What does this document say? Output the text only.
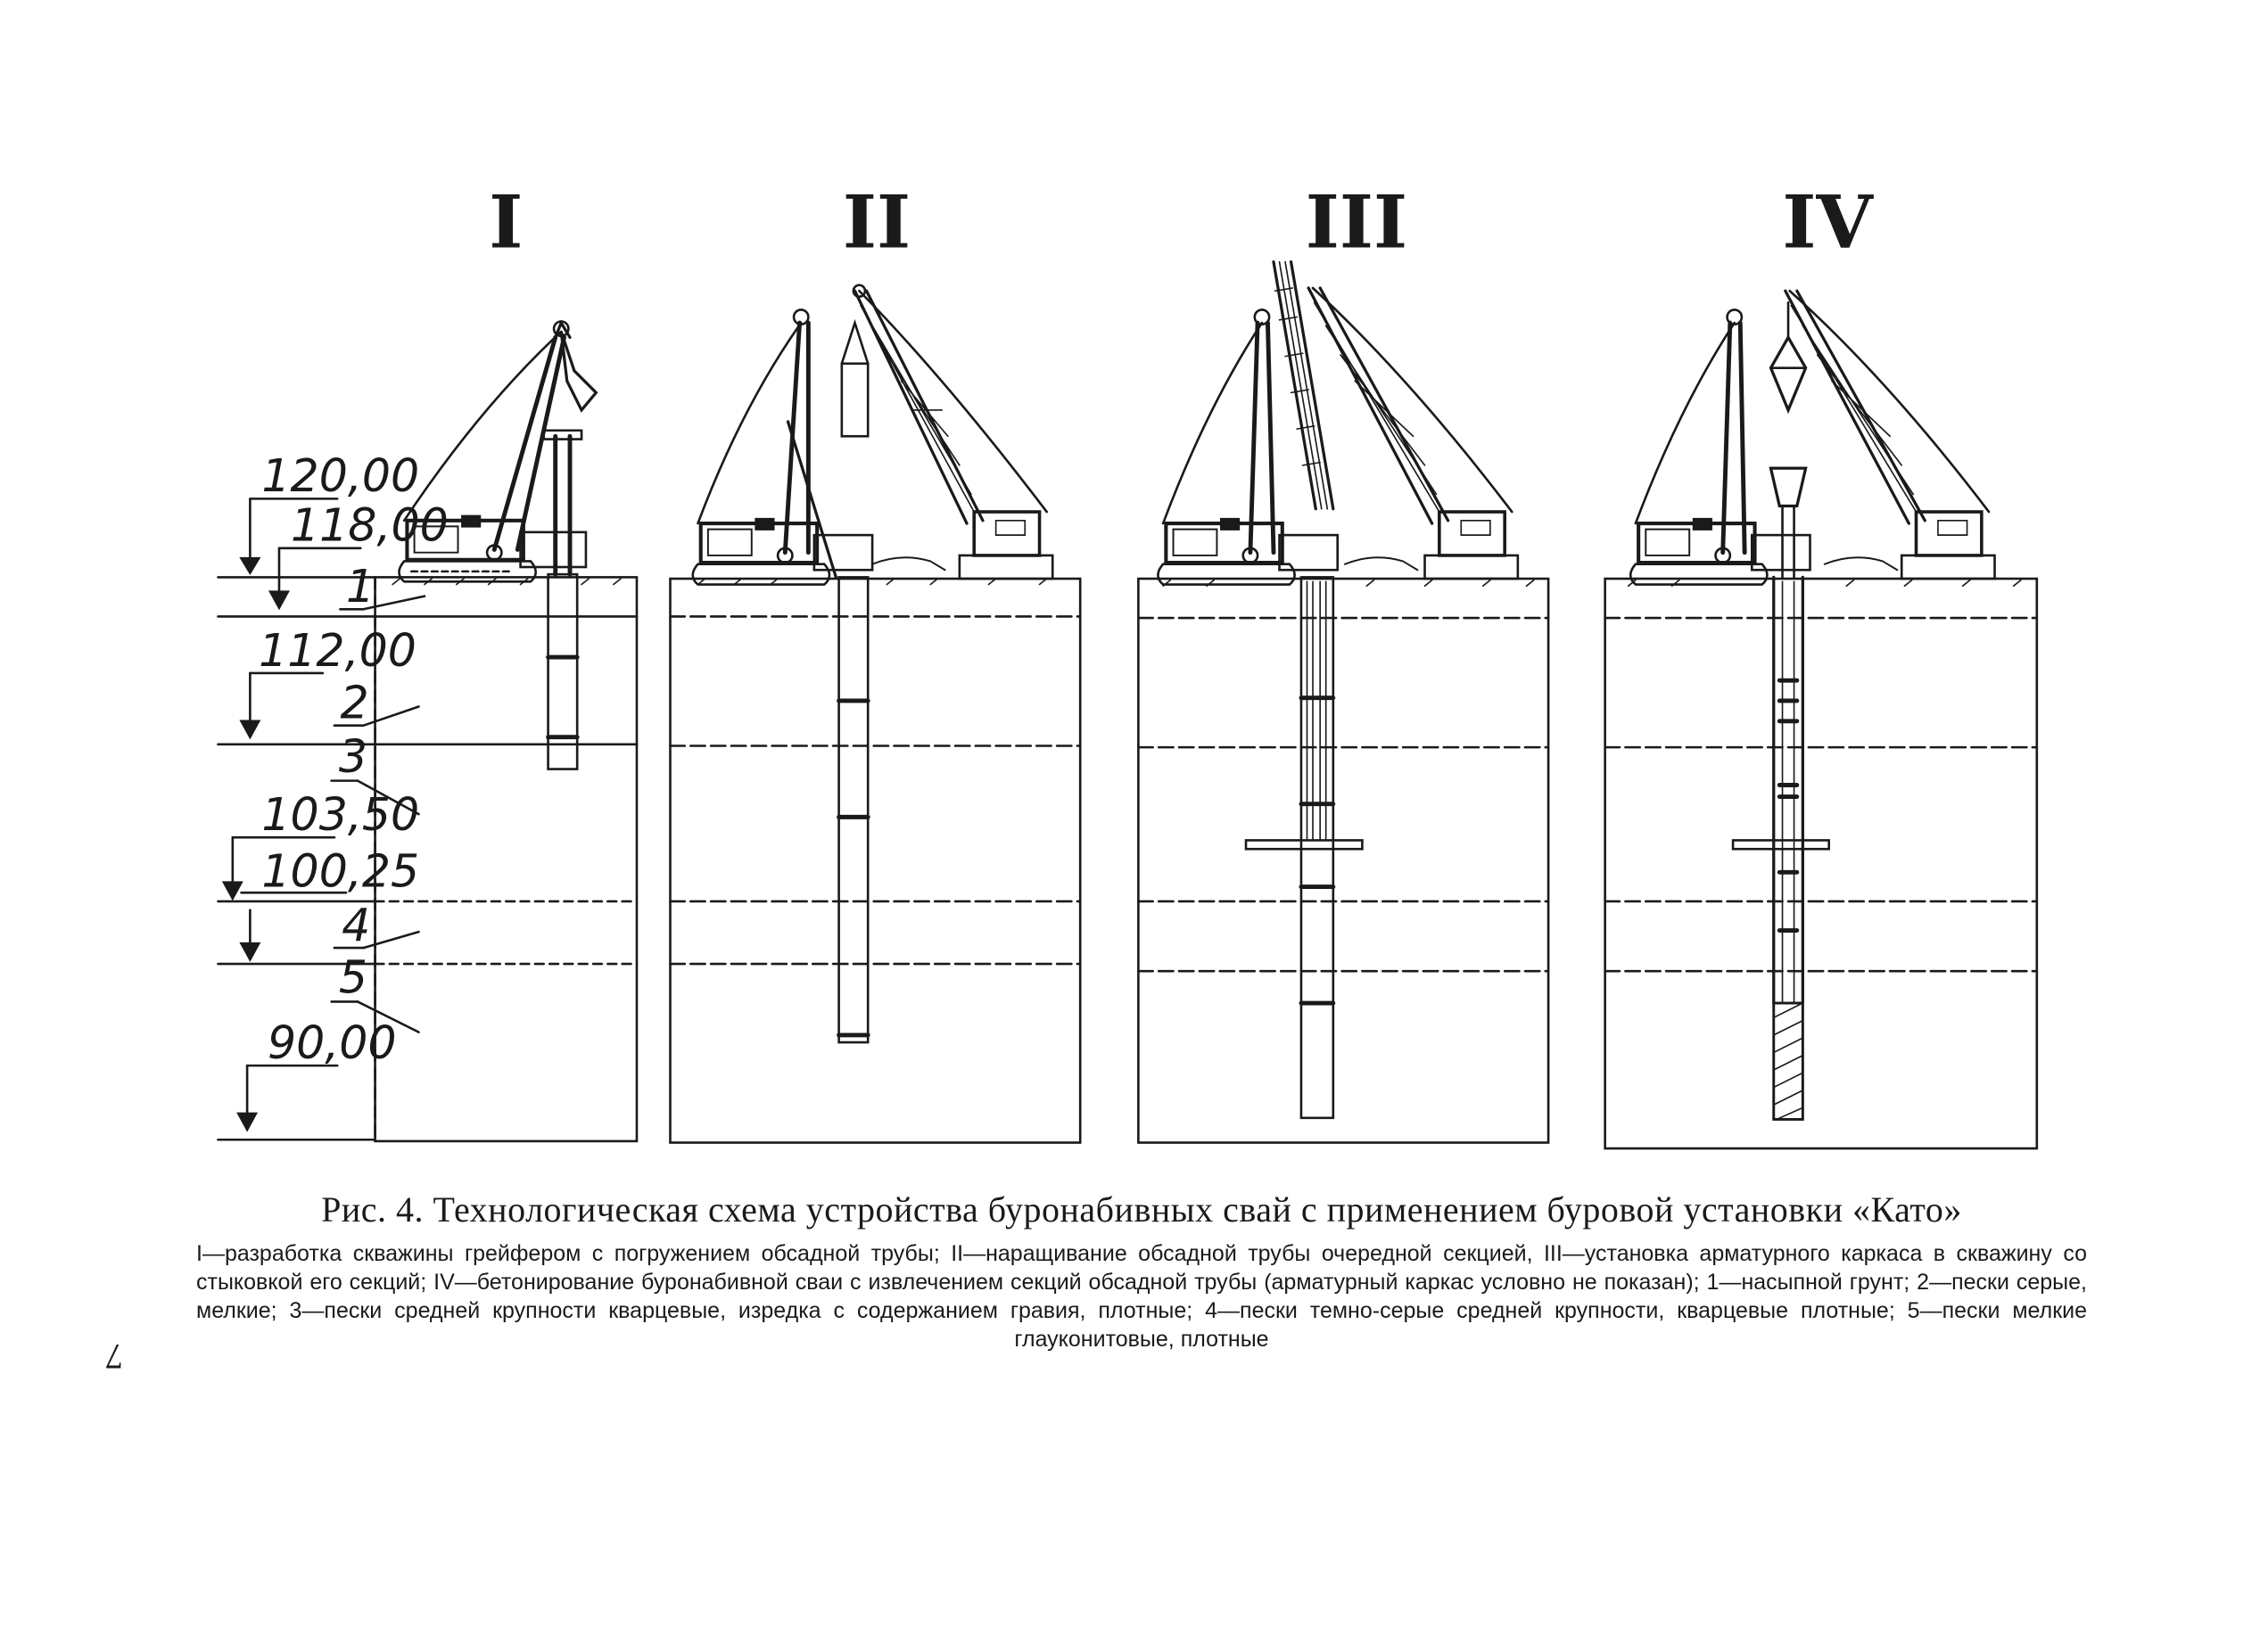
I	II	III	IV
120,00
118,00
112,00
103,50
100,25
90,00
1
2
3
4
5

Рис. 4. Технологическая схема устройства буронабивных свай с применением буровой установки «Като»

I—разработка скважины грейфером с погружением обсадной трубы; II—наращивание обсадной трубы очередной секцией, III—установка арматурного каркаса в скважину со стыковкой его секций; IV—бетонирование буронабивной сваи с извлечением секций обсадной трубы (арматурный каркас условно не показан); 1—насыпной грунт; 2—пески серые, мелкие; 3—пески средней крупности кварцевые, изредка с содержанием гравия, плотные; 4—пески темно-серые средней крупности, кварцевые плотные; 5—пески мелкие глауконитовые, плотные

7
